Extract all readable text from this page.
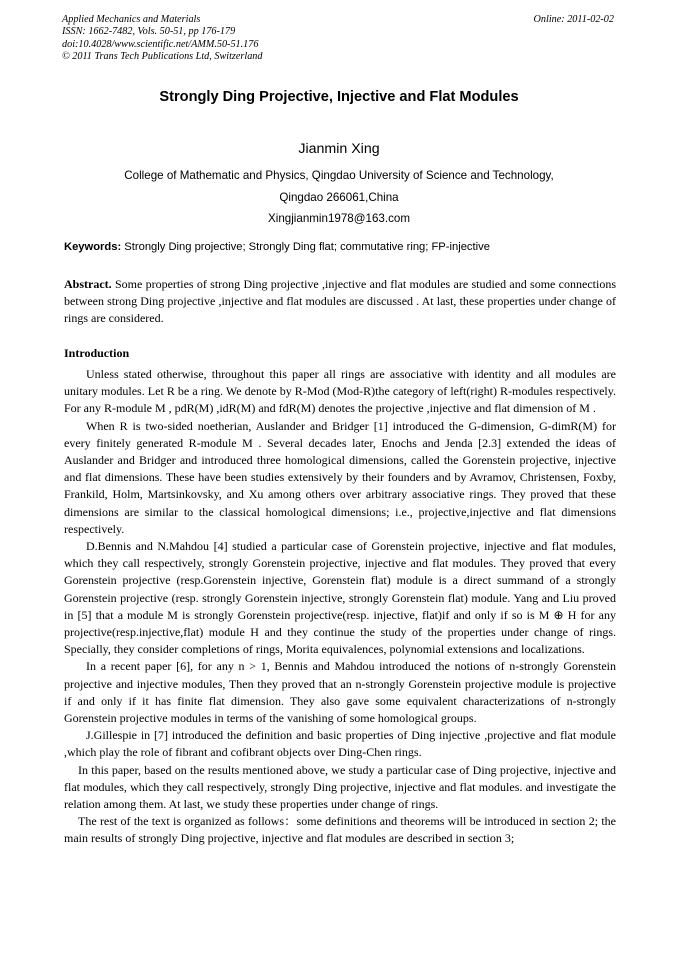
Applied Mechanics and Materials
ISSN: 1662-7482, Vols. 50-51, pp 176-179
doi:10.4028/www.scientific.net/AMM.50-51.176
© 2011 Trans Tech Publications Ltd, Switzerland
Online: 2011-02-02
Strongly Ding Projective, Injective and Flat Modules
Jianmin Xing
College of Mathematic and Physics, Qingdao University of Science and Technology,
Qingdao 266061,China
Xingjianmin1978@163.com
Keywords: Strongly Ding projective; Strongly Ding flat; commutative ring; FP-injective
Abstract. Some properties of strong Ding projective ,injective and flat modules are studied and some connections between strong Ding projective ,injective and flat modules are discussed . At last, these properties under change of rings are considered.
Introduction

Unless stated otherwise, throughout this paper all rings are associative with identity and all modules are unitary modules. Let R be a ring. We denote by R-Mod (Mod-R)the category of left(right) R-modules respectively. For any R-module M , pdR(M) ,idR(M) and fdR(M) denotes the projective ,injective and flat dimension of M .

When R is two-sided noetherian, Auslander and Bridger [1] introduced the G-dimension, G-dimR(M) for every finitely generated R-module M . Several decades later, Enochs and Jenda [2.3] extended the ideas of Auslander and Bridger and introduced three homological dimensions, called the Gorenstein projective, injective and flat dimensions. These have been studies extensively by their founders and by Avramov, Christensen, Foxby, Frankild, Holm, Martsinkovsky, and Xu among others over arbitrary associative rings. They proved that these dimensions are similar to the classical homological dimensions; i.e., projective,injective and flat dimensions respectively.

D.Bennis and N.Mahdou [4] studied a particular case of Gorenstein projective, injective and flat modules, which they call respectively, strongly Gorenstein projective, injective and flat modules. They proved that every Gorenstein projective (resp.Gorenstein injective, Gorenstein flat) module is a direct summand of a strongly Gorenstein projective (resp. strongly Gorenstein injective, strongly Gorenstein flat) module. Yang and Liu proved in [5] that a module M is strongly Gorenstein projective(resp. injective, flat)if and only if so is M ⊕ H for any projective(resp.injective,flat) module H and they continue the study of the properties under change of rings. Specially, they consider completions of rings, Morita equivalences, polynomial extensions and localizations.

In a recent paper [6], for any n > 1, Bennis and Mahdou introduced the notions of n-strongly Gorenstein projective and injective modules, Then they proved that an n-strongly Gorenstein projective module is projective if and only if it has finite flat dimension. They also gave some equivalent characterizations of n-strongly Gorenstein projective modules in terms of the vanishing of some homological groups.

J.Gillespie in [7] introduced the definition and basic properties of Ding injective ,projective and flat module ,which play the role of fibrant and cofibrant objects over Ding-Chen rings.

In this paper, based on the results mentioned above, we study a particular case of Ding projective, injective and flat modules, which they call respectively, strongly Ding projective, injective and flat modules. and investigate the relation among them. At last, we study these properties under change of rings.

The rest of the text is organized as follows：some definitions and theorems will be introduced in section 2; the main results of strongly Ding projective, injective and flat modules are described in section 3;
